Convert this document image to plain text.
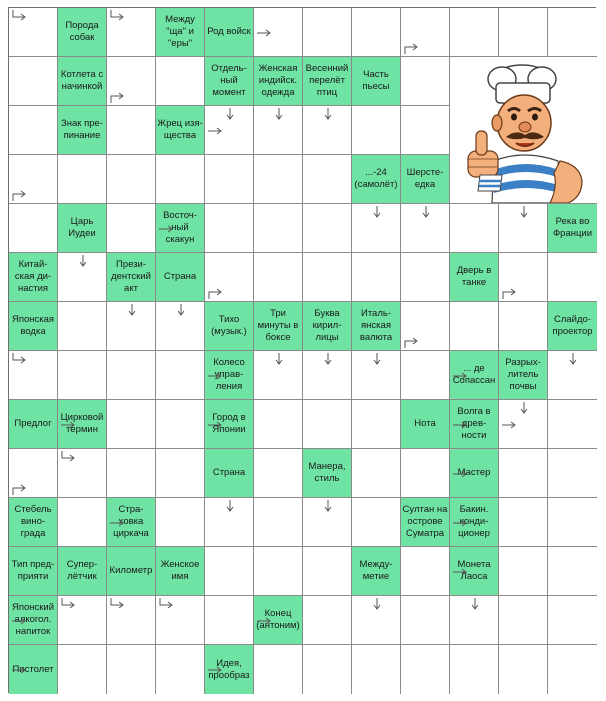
Порода собак
Между "ща" и "еры"
Род войск
Котлета с начинкой
Отдель- ный момент
Женская индийск. одежда
Весенний перелёт птиц
Часть пьесы
Знак пре- пинание
Жрец изя- щества
...-24 (самолёт)
Шерсте- едка
Царь Иудеи
Восточ- ный скакун
Река во Франции
Китай- ская ди- настия
Прези- дентский акт
Страна
Дверь в танке
Японская водка
Тихо (музык.)
Три минуты в боксе
Буква кирил- лицы
Италь- янская валюта
Слайдо- проектор
Колесо управ- ления
... де Сопассан
Разрых- литель почвы
Предлог
Цирковой термин
Город в Японии
Нота
Волга в древ- ности
Страна
Манера, стиль
Мастер
Стебель вино- града
Стра- ховка циркача
Султан на острове Суматра
Бакин. конди- ционер
Тип пред- прияти
Супер- лётчик
Километр
Женское имя
Между- метие
Монета Лаоса
Японский алкогол. напиток
Конец (антоним)
Пистолет
Идея, прообраз
